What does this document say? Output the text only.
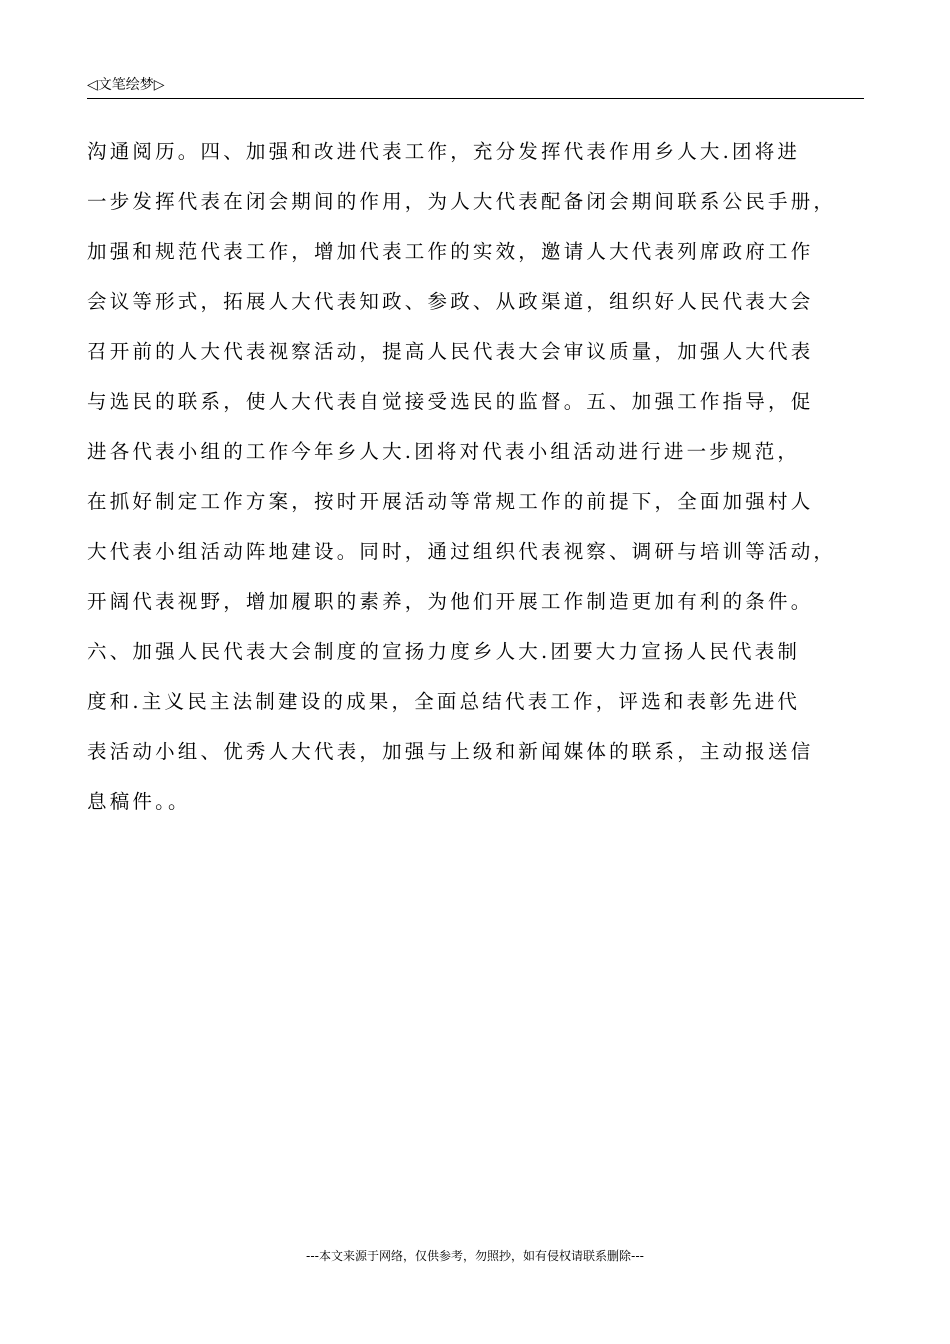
◁文笔绘梦▷
沟通阅历。四、加强和改进代表工作，充分发挥代表作用乡人大.团将进
一步发挥代表在闭会期间的作用，为人大代表配备闭会期间联系公民手册，
加强和规范代表工作，增加代表工作的实效，邀请人大代表列席政府工作
会议等形式，拓展人大代表知政、参政、从政渠道，组织好人民代表大会
召开前的人大代表视察活动，提高人民代表大会审议质量，加强人大代表
与选民的联系，使人大代表自觉接受选民的监督。五、加强工作指导，促
进各代表小组的工作今年乡人大.团将对代表小组活动进行进一步规范，
在抓好制定工作方案，按时开展活动等常规工作的前提下，全面加强村人
大代表小组活动阵地建设。同时，通过组织代表视察、调研与培训等活动，
开阔代表视野，增加履职的素养，为他们开展工作制造更加有利的条件。
六、加强人民代表大会制度的宣扬力度乡人大.团要大力宣扬人民代表制
度和.主义民主法制建设的成果，全面总结代表工作，评选和表彰先进代
表活动小组、优秀人大代表，加强与上级和新闻媒体的联系，主动报送信
息稿件。。
---本文来源于网络，仅供参考，勿照抄，如有侵权请联系删除---
